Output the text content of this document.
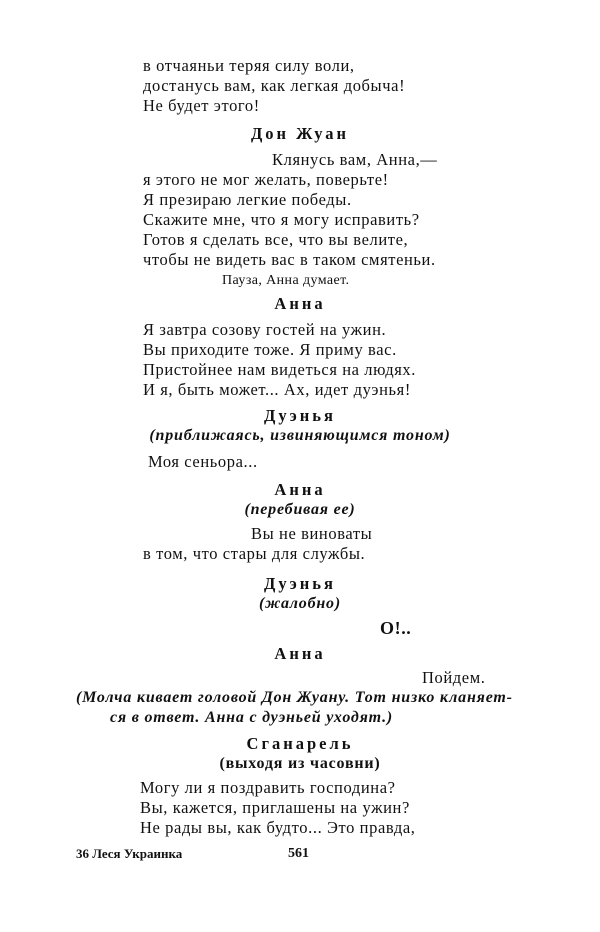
в отчаяньи теряя силу воли,
достанусь вам, как легкая добыча!
Не будет этого!
Дон Жуан
Клянусь вам, Анна,—
я этого не мог желать, поверьте!
Я презираю легкие победы.
Скажите мне, что я могу исправить?
Готов я сделать все, что вы велите,
чтобы не видеть вас в таком смятеньи.
Пауза, Анна думает.
Анна
Я завтра созову гостей на ужин.
Вы приходите тоже. Я приму вас.
Пристойнее нам видеться на людях.
И я, быть может... Ах, идет дуэнья!
Дуэнья
(приближаясь, извиняющимся тоном)
Моя сеньора...
Анна
(перебивая ее)
Вы не виноваты
в том, что стары для службы.
Дуэнья
(жалобно)
О!..
Анна
Пойдем.
(Молча кивает головой Дон Жуану. Тот низко кланяет-
ся в ответ. Анна с дуэньей уходят.)
Сганарель
(выходя из часовни)
Могу ли я поздравить господина?
Вы, кажется, приглашены на ужин?
Не рады вы, как будто... Это правда,
36 Леся Украинка	561
